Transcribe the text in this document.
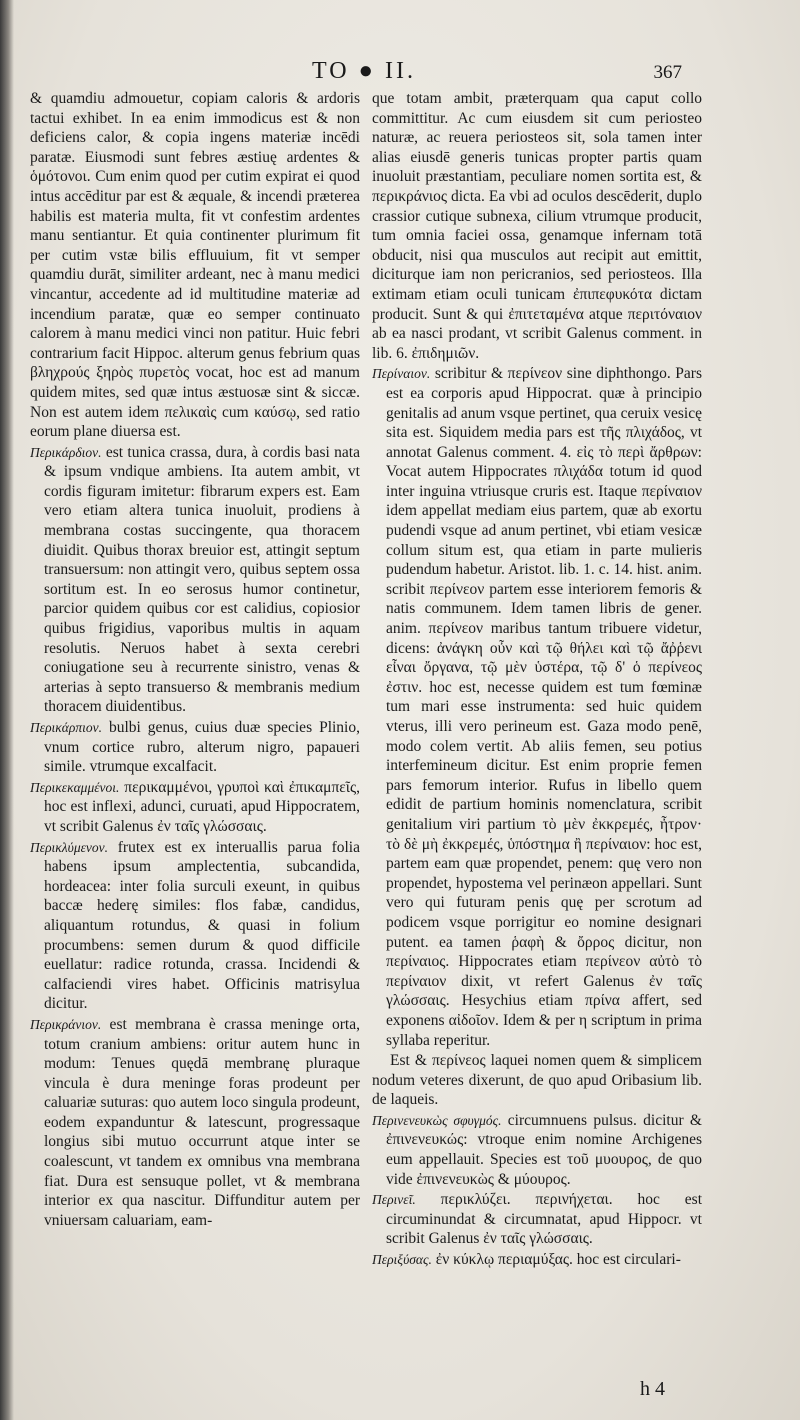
TO ● II.	367

& quamdiu admouetur, copiam caloris & ardoris tactui exhibet. In ea enim immodicus est & non deficiens calor, & copia ingens materiæ incēdi paratæ. Eiusmodi sunt febres æstiuę ardentes & ὁμότονοι. Cum enim quod per cutim expirat ei quod intus accēditur par est & æquale, & incendi præterea habilis est materia multa, fit vt confestim ardentes manu sentiantur. Et quia continenter plurimum fit per cutim vstæ bilis effluuium, fit vt semper quamdiu durāt, similiter ardeant, nec à manu medici vincantur, accedente ad id multitudine materiæ ad incendium paratæ, quæ eo semper continuato calorem à manu medici vinci non patitur. Huic febri contrarium facit Hippoc. alterum genus febrium quas βληχρούς ξηρὸς πυρετὸς vocat, hoc est ad manum quidem mites, sed quæ intus æstuosæ sint & siccæ. Non est autem idem πελικαὶς cum καύσῳ, sed ratio eorum plane diuersa est.

Περικάρδιον. est tunica crassa, dura, à cordis basi nata & ipsum vndique ambiens. Ita autem ambit, vt cordis figuram imitetur: fibrarum expers est. Eam vero etiam altera tunica inuoluit, prodiens à membrana costas succingente, qua thoracem diuidit. Quibus thorax breuior est, attingit septum transuersum: non attingit vero, quibus septem ossa sortitum est. In eo serosus humor continetur, parcior quidem quibus cor est calidius, copiosior quibus frigidius, vaporibus multis in aquam resolutis. Neruos habet à sexta cerebri coniugatione seu à recurrente sinistro, venas & arterias à septo transuerso & membranis medium thoracem diuidentibus.

Περικάρπιον. bulbi genus, cuius duæ species Plinio, vnum cortice rubro, alterum nigro, papaueri simile. vtrumque excalfacit.

Περικεκαμμένοι. περικαμμένοι, γρυποὶ καὶ ἐπικαμπεῖς, hoc est inflexi, adunci, curuati, apud Hippocratem, vt scribit Galenus ἐν ταῖς γλώσσαις.

Περικλύμενον. frutex est ex interuallis parua folia habens ipsum amplectentia, subcandida, hordeacea: inter folia surculi exeunt, in quibus baccæ hederę similes: flos fabæ, candidus, aliquantum rotundus, & quasi in folium procumbens: semen durum & quod difficile euellatur: radice rotunda, crassa. Incidendi & calfaciendi vires habet. Officinis matrisylua dicitur.

Περικράνιον. est membrana è crassa meninge orta, totum cranium ambiens: oritur autem hunc in modum: Tenues quędā membranę pluraque vincula è dura meninge foras prodeunt per caluariæ suturas: quo autem loco singula prodeunt, eodem expanduntur & latescunt, progressaque longius sibi mutuo occurrunt atque inter se coalescunt, vt tandem ex omnibus vna membrana fiat. Dura est sensuque pollet, vt & membrana interior ex qua nascitur. Diffunditur autem per vniuersam caluariam, eam-

que totam ambit, præterquam qua caput collo committitur. Ac cum eiusdem sit cum periosteo naturæ, ac reuera periosteos sit, sola tamen inter alias eiusdē generis tunicas propter partis quam inuoluit præstantiam, peculiare nomen sortita est, & περικράνιος dicta. Ea vbi ad oculos descēderit, duplo crassior cutique subnexa, cilium vtrumque producit, tum omnia faciei ossa, genamque infernam totā obducit, nisi qua musculos aut recipit aut emittit, diciturque iam non pericranios, sed periosteos. Illa extimam etiam oculi tunicam ἐπιπεφυκότα dictam producit. Sunt & qui ἐπιτεταμένα atque περιτόναιον ab ea nasci prodant, vt scribit Galenus comment. in lib. 6. ἐπιδημιῶν.

Περίναιον. scribitur & περίνεον sine diphthongo. Pars est ea corporis apud Hippocrat. quæ à principio genitalis ad anum vsque pertinet, qua ceruix vesicę sita est. Siquidem media pars est τῆς πλιχάδος, vt annotat Galenus comment. 4. εἰς τὸ περὶ ἄρθρων: Vocat autem Hippocrates πλιχάδα totum id quod inter inguina vtriusque cruris est. Itaque περίναιον idem appellat mediam eius partem, quæ ab exortu pudendi vsque ad anum pertinet, vbi etiam vesicæ collum situm est, qua etiam in parte mulieris pudendum habetur. Aristot. lib. 1. c. 14. hist. anim. scribit περίνεον partem esse interiorem femoris & natis communem. Idem tamen libris de gener. anim. περίνεον maribus tantum tribuere videtur, dicens: ἀνάγκη οὖν καὶ τῷ θήλει καὶ τῷ ἄῤῥενι εἶναι ὄργανα, τῷ μὲν ὑστέρα, τῷ δ' ὁ περίνεος ἐστιν. hoc est, necesse quidem est tum fœminæ tum mari esse instrumenta: sed huic quidem vterus, illi vero perineum est. Gaza modo penē, modo colem vertit. Ab aliis femen, seu potius interfemineum dicitur. Est enim proprie femen pars femorum interior. Rufus in libello quem edidit de partium hominis nomenclatura, scribit genitalium viri partium τὸ μὲν ἐκκρεμές, ἦτρον· τὸ δὲ μὴ ἐκκρεμές, ὑπόστημα ἢ περίναιον: hoc est, partem eam quæ propendet, penem: quę vero non propendet, hypostema vel perinæon appellari. Sunt vero qui futuram penis quę per scrotum ad podicem vsque porrigitur eo nomine designari putent. ea tamen ῥαφὴ & ὄρρος dicitur, non περίναιος. Hippocrates etiam περίνεον αὐτὸ τὸ περίναιον dixit, vt refert Galenus ἐν ταῖς γλώσσαις. Hesychius etiam πρίνα affert, sed exponens αἰδοῖον. Idem & per η scriptum in prima syllaba reperitur.

Est & περίνεος laquei nomen quem & simplicem nodum veteres dixerunt, de quo apud Oribasium lib. de laqueis.

Περινενευκὼς σφυγμός. circumnuens pulsus. dicitur & ἐπινενευκώς: vtroque enim nomine Archigenes eum appellauit. Species est τοῦ μυουρος, de quo vide ἐπινενευκὼς & μύουρος.

Περινεῖ. περικλύζει. περινήχεται. hoc est circuminundat & circumnatat, apud Hippocr. vt scribit Galenus ἐν ταῖς γλώσσαις.

Περιξύσας. ἐν κύκλῳ περιαμύξας. hoc est circulari-

h 4
